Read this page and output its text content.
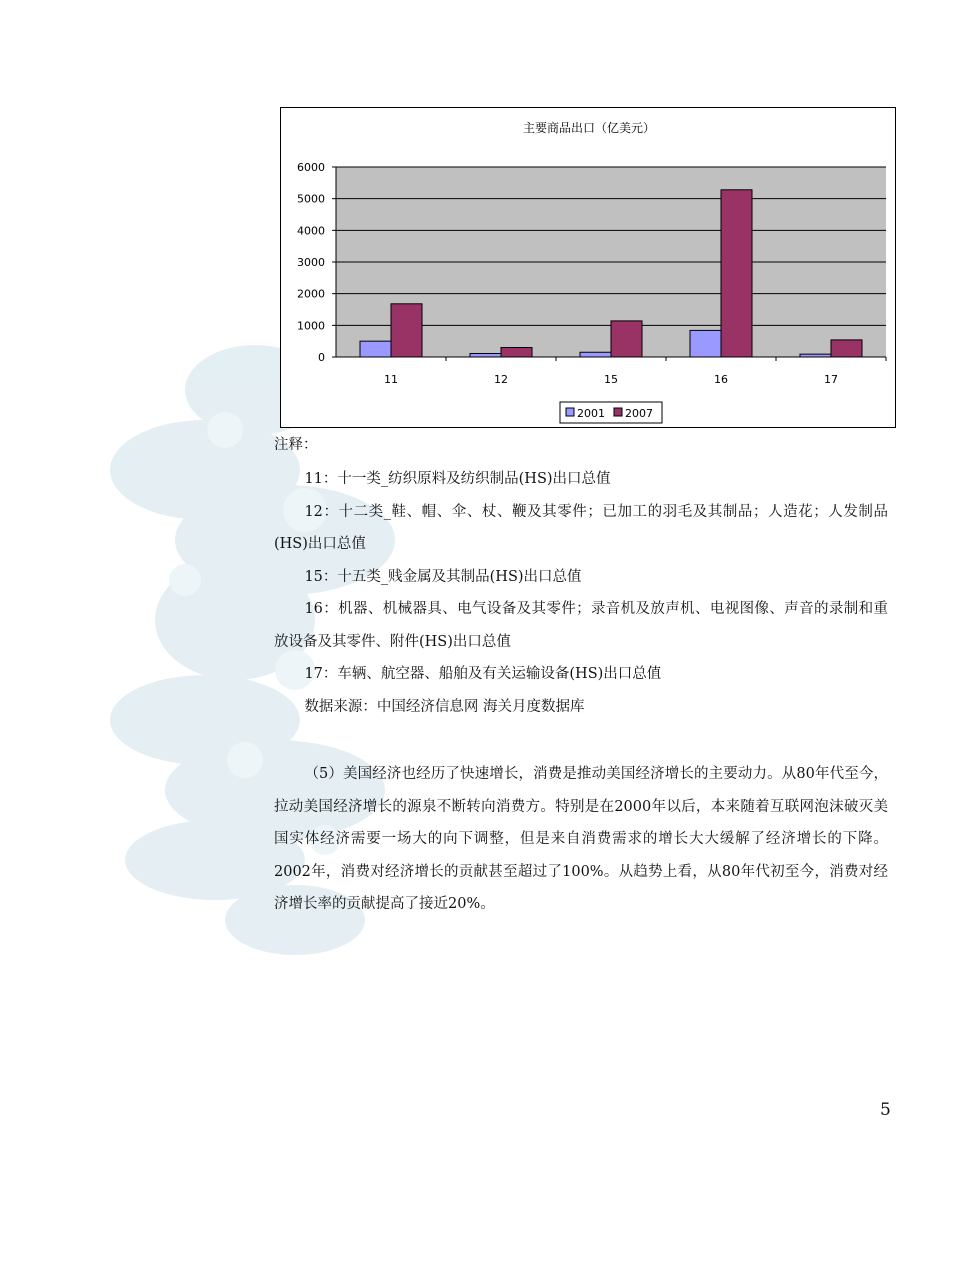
主要商品出口（亿美元）
0
1000
2000
3000
4000
5000
6000
11	12	15	16	17
2001 2007
注释：

11：十一类_纺织原料及纺织制品(HS)出口总值

12：十二类_鞋、帽、伞、杖、鞭及其零件；已加工的羽毛及其制品；人造花；人发制品(HS)出口总值

15：十五类_贱金属及其制品(HS)出口总值

16：机器、机械器具、电气设备及其零件；录音机及放声机、电视图像、声音的录制和重放设备及其零件、附件(HS)出口总值

17：车辆、航空器、船舶及有关运输设备(HS)出口总值

数据来源：中国经济信息网 海关月度数据库

（5）美国经济也经历了快速增长，消费是推动美国经济增长的主要动力。从80年代至今，拉动美国经济增长的源泉不断转向消费方。特别是在2000年以后，本来随着互联网泡沫破灭美国实体经济需要一场大的向下调整，但是来自消费需求的增长大大缓解了经济增长的下降。2002年，消费对经济增长的贡献甚至超过了100%。从趋势上看，从80年代初至今，消费对经济增长率的贡献提高了接近20%。

5
